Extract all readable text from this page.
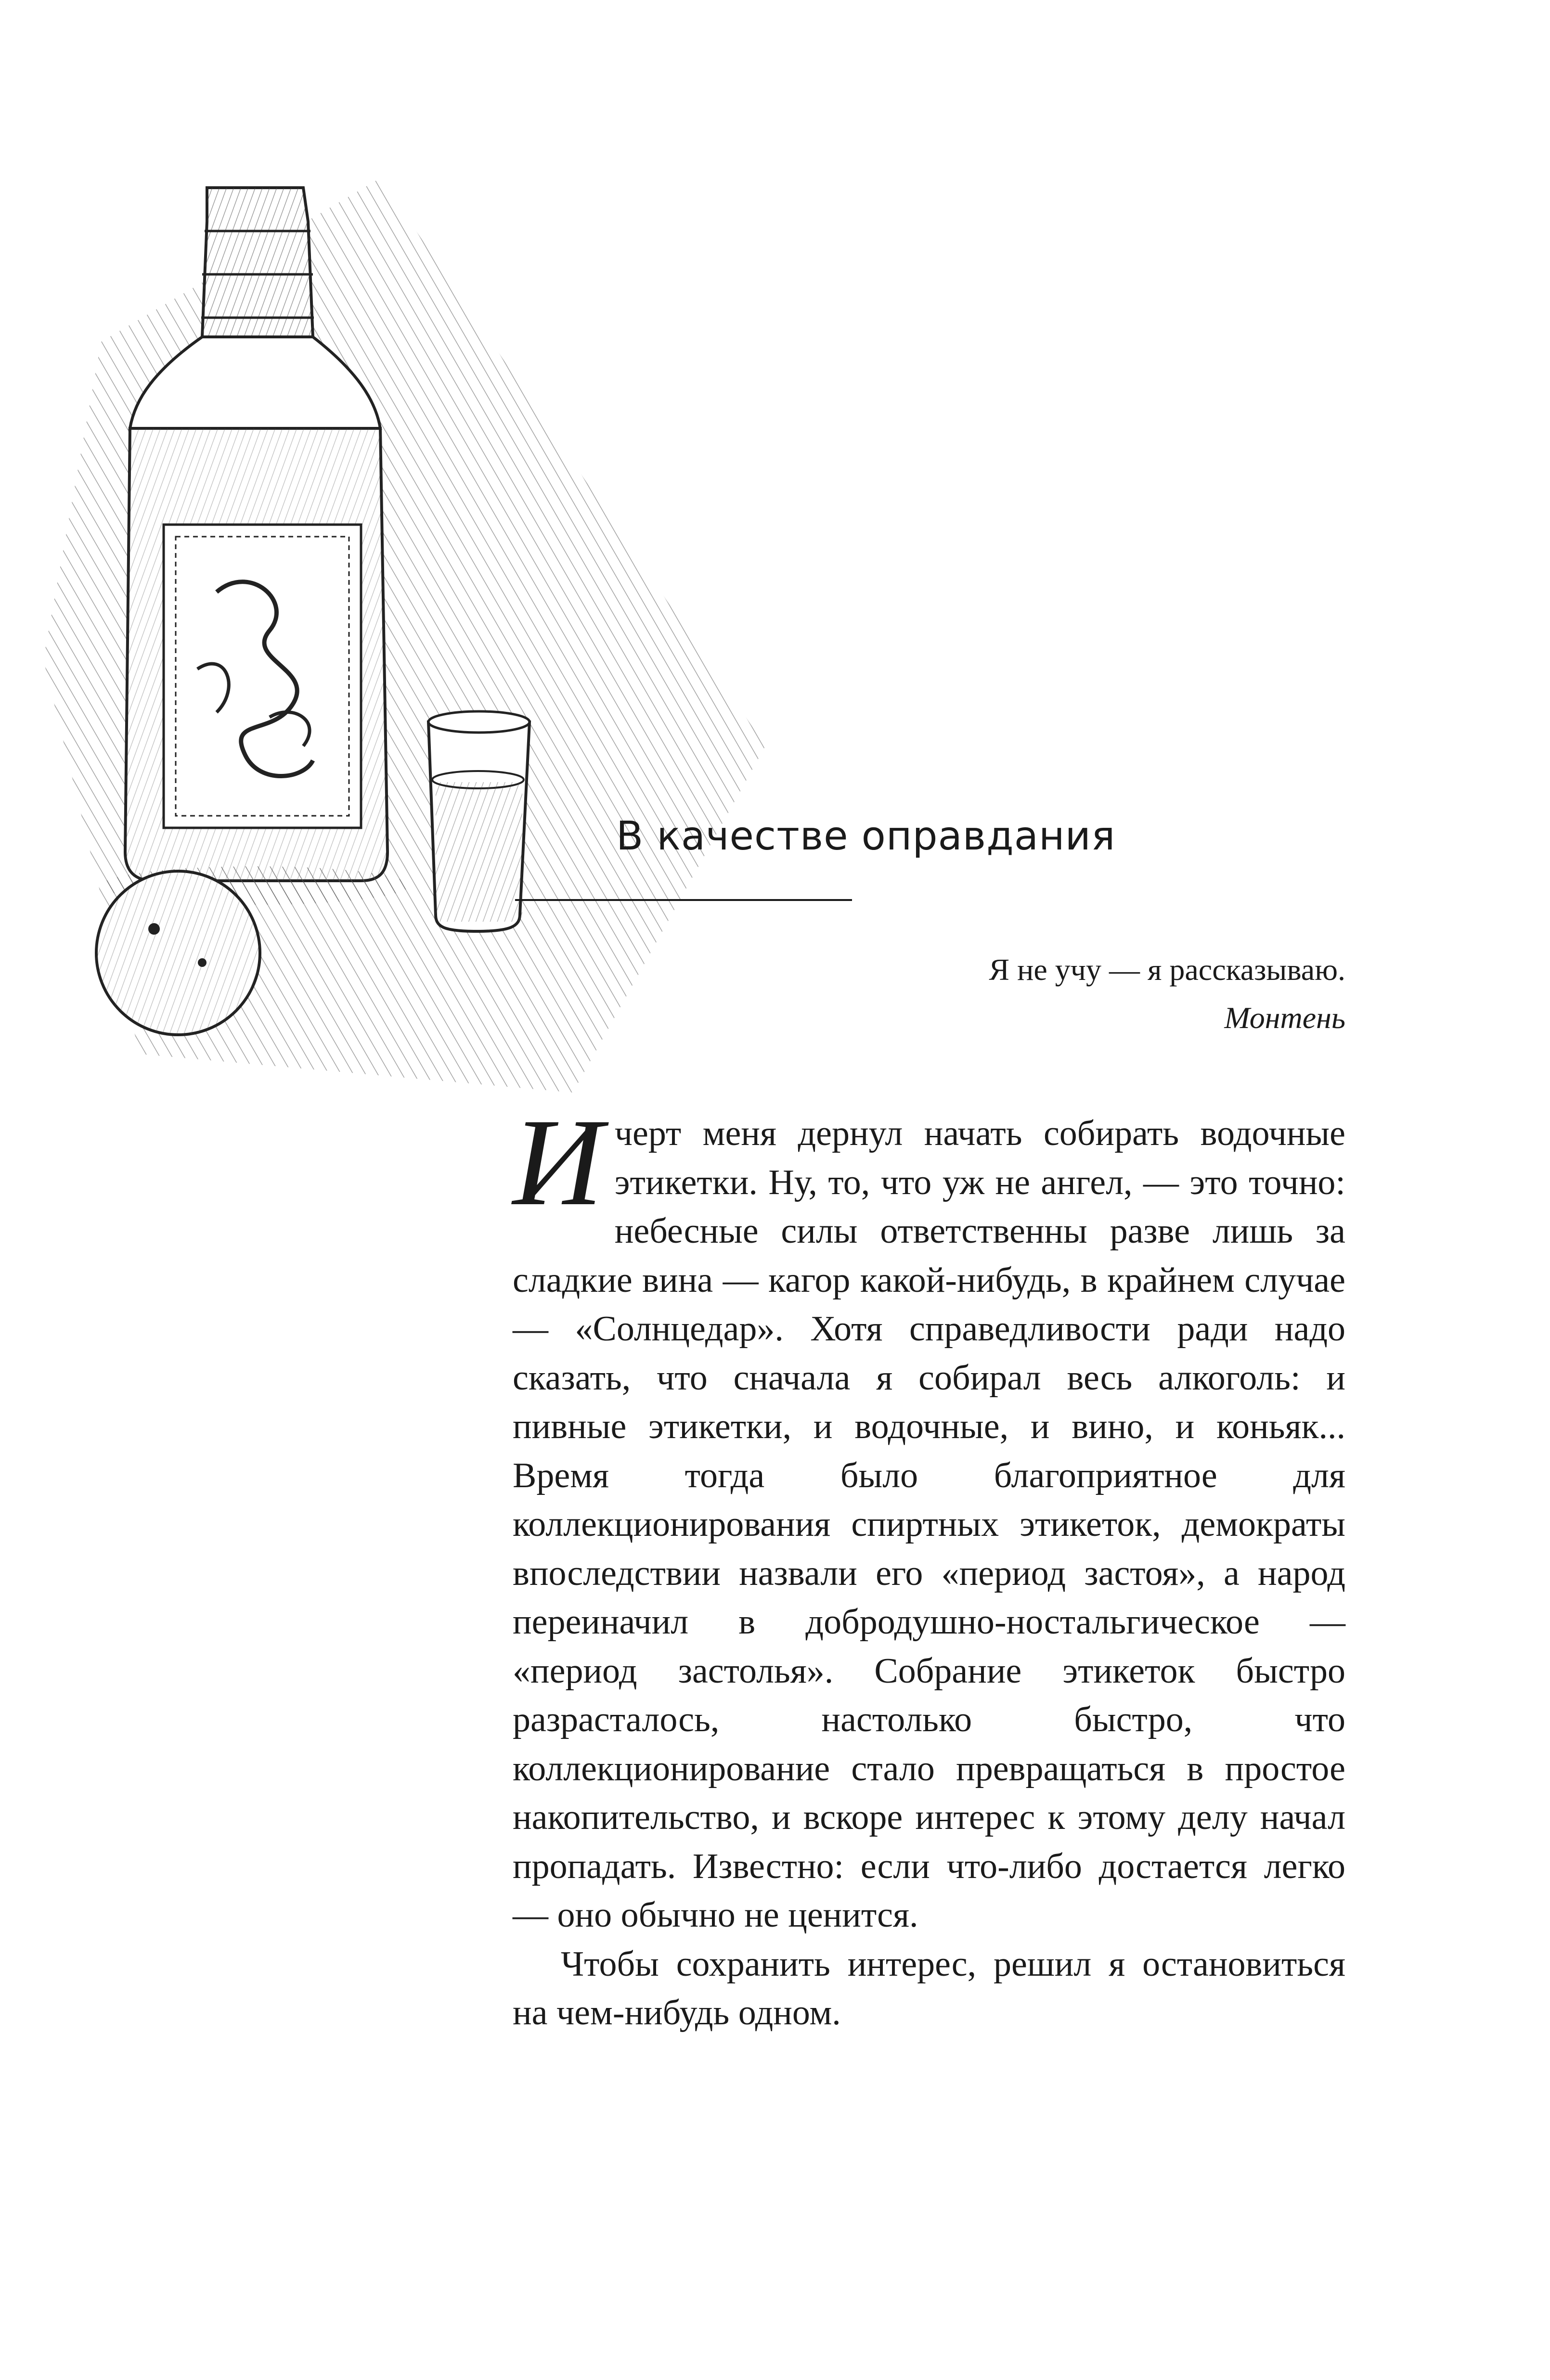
В качестве оправдания
Я не учу — я рассказываю.
Монтень

Ичерт меня дернул начать собирать водочные этикетки. Ну, то, что уж не ангел, — это точно: небесные силы ответственны разве лишь за сладкие вина — кагор какой-нибудь, в крайнем случае — «Солнцедар». Хотя справедливости ради надо сказать, что сначала я собирал весь алкоголь: и пивные этикетки, и водочные, и вино, и коньяк... Время тогда было благоприятное для коллекционирования спиртных этикеток, демократы впоследствии назвали его «период застоя», а народ переиначил в добродушно-ностальгическое — «период застолья». Собрание этикеток быстро разрасталось, настолько быстро, что коллекционирование стало превращаться в простое накопительство, и вскоре интерес к этому делу начал пропадать. Известно: если что-либо достается легко — оно обычно не ценится.

Чтобы сохранить интерес, решил я остановиться на чем-нибудь одном.
